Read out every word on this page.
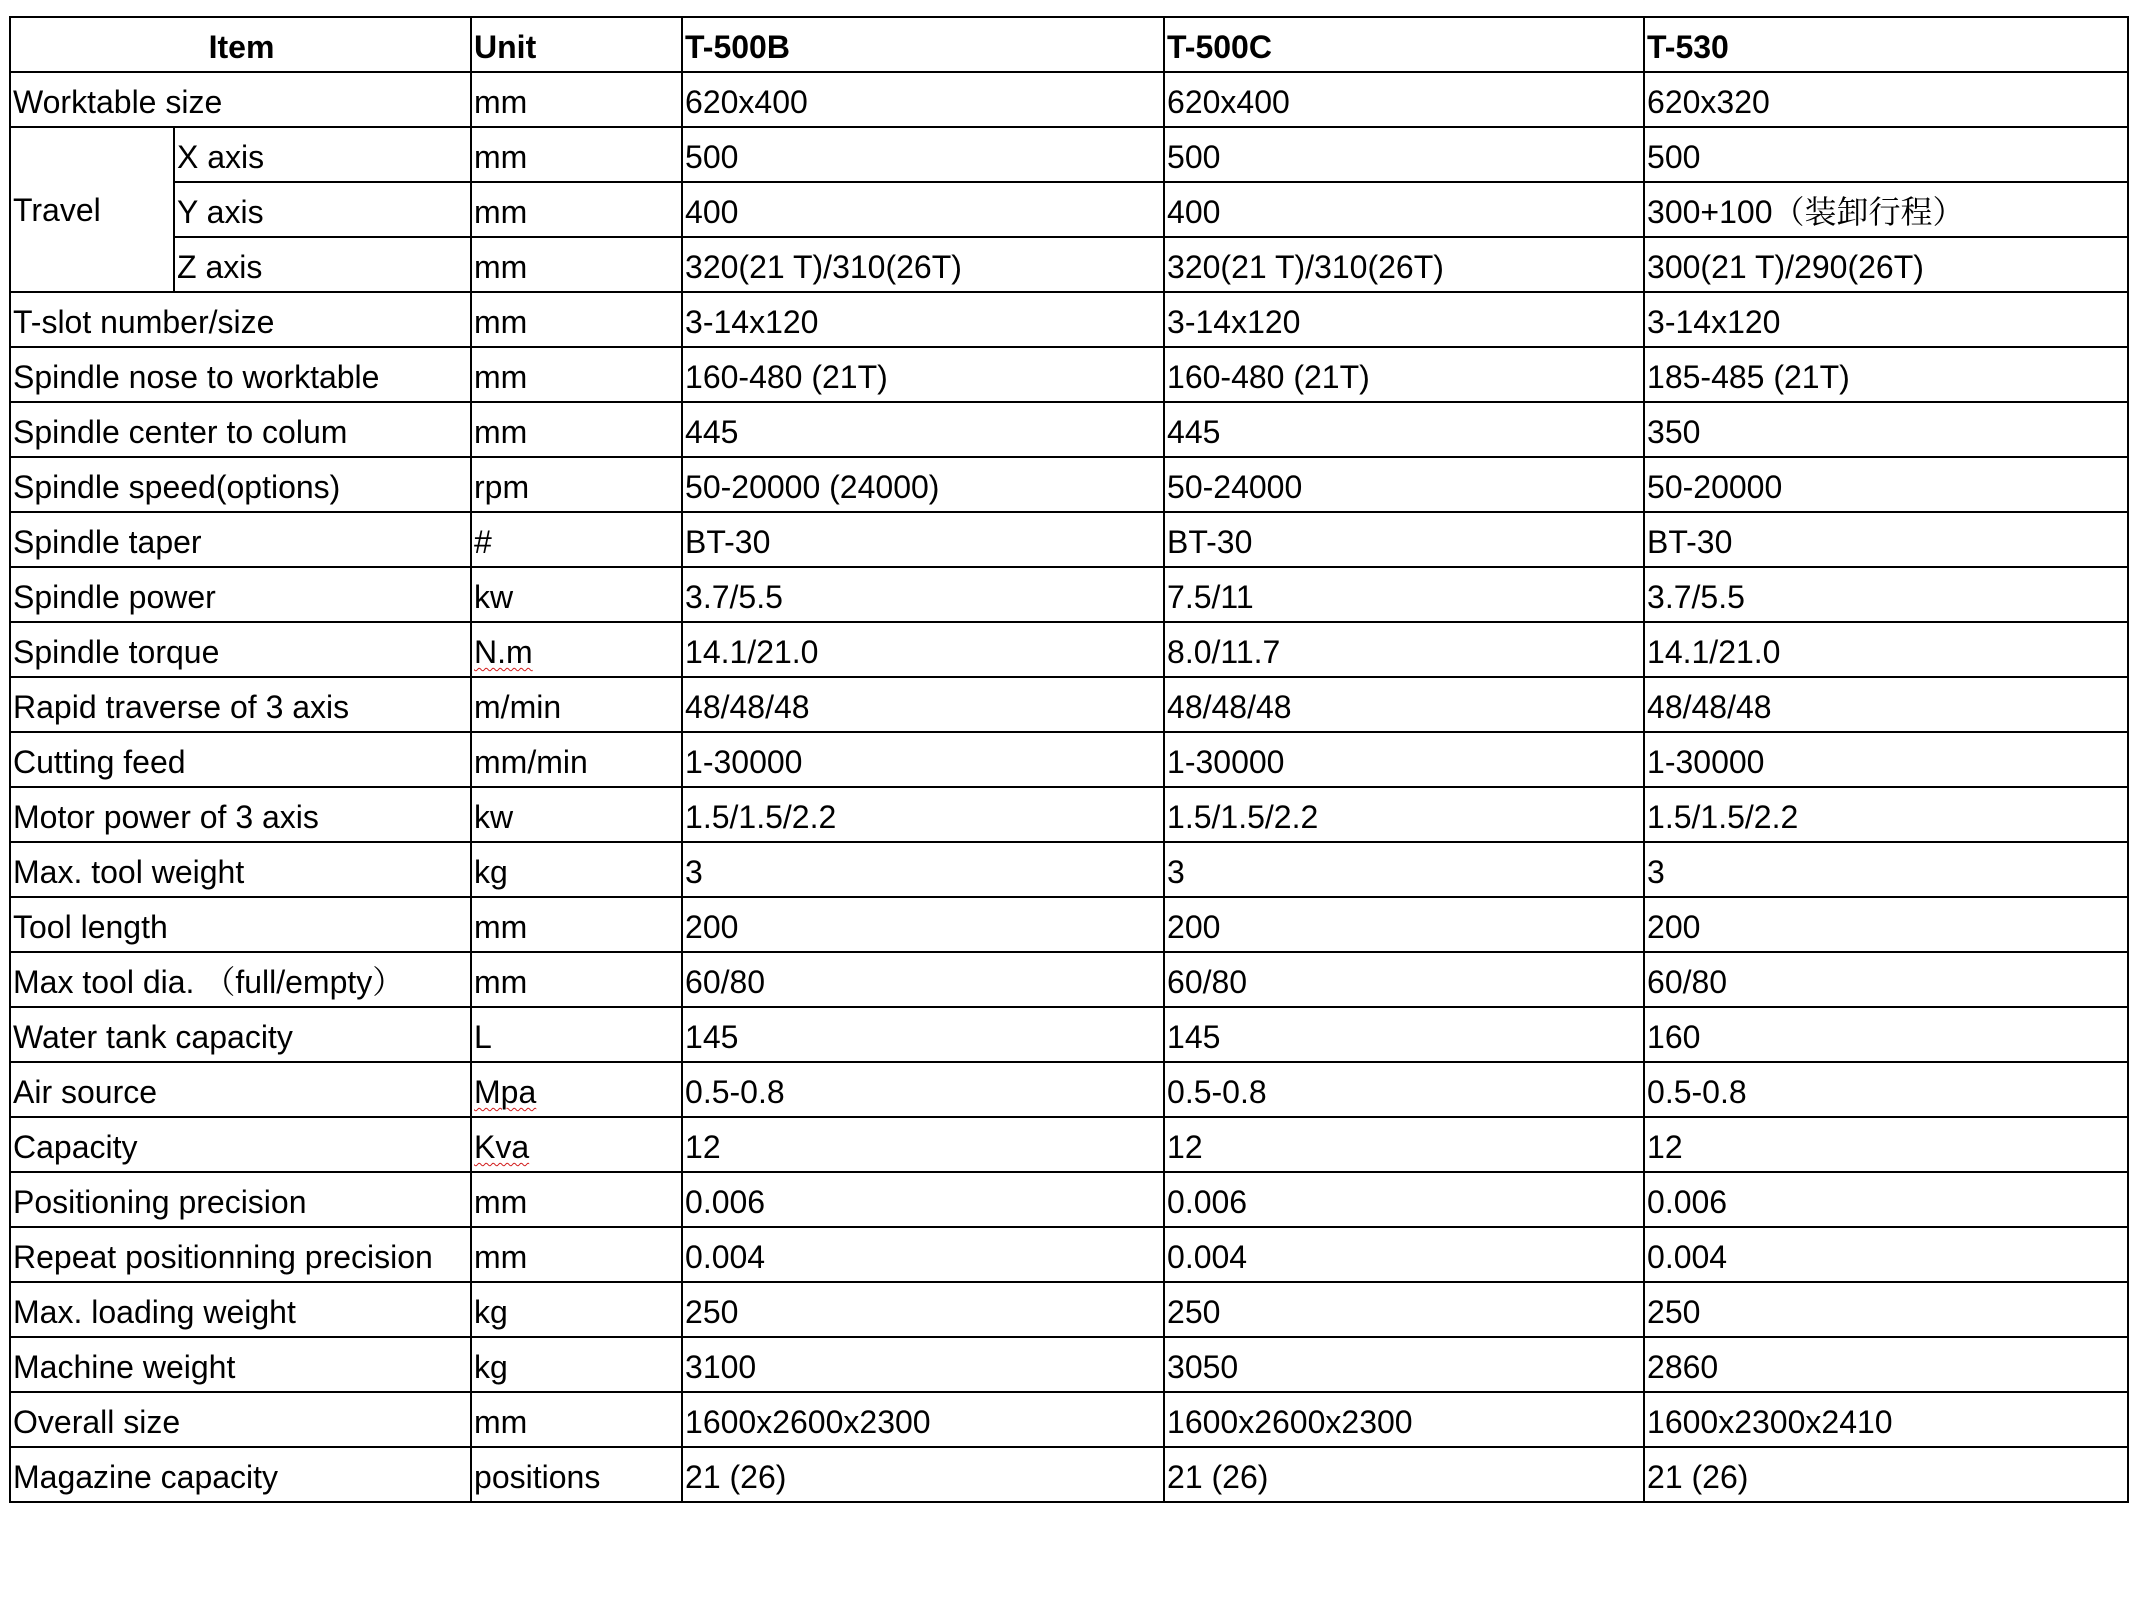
Item		Unit	T-500B	T-500C	T-530
Worktable size		mm	620x400	620x400	620x320
Travel	X axis	mm	500	500	500
	Y axis	mm	400	400	300+100（装卸行程）
	Z axis	mm	320(21 T)/310(26T)	320(21 T)/310(26T)	300(21 T)/290(26T)
T-slot number/size		mm	3-14x120	3-14x120	3-14x120
Spindle nose to worktable		mm	160-480 (21T)	160-480 (21T)	185-485 (21T)
Spindle center to colum		mm	445	445	350
Spindle speed(options)		rpm	50-20000 (24000)	50-24000	50-20000
Spindle taper		#	BT-30	BT-30	BT-30
Spindle power		kw	3.7/5.5	7.5/11	3.7/5.5
Spindle torque		N.m	14.1/21.0	8.0/11.7	14.1/21.0
Rapid traverse of 3 axis		m/min	48/48/48	48/48/48	48/48/48
Cutting feed		mm/min	1-30000	1-30000	1-30000
Motor power of 3 axis		kw	1.5/1.5/2.2	1.5/1.5/2.2	1.5/1.5/2.2
Max. tool weight		kg	3	3	3
Tool length		mm	200	200	200
Max tool dia. （full/empty）		mm	60/80	60/80	60/80
Water tank capacity		L	145	145	160
Air source		Mpa	0.5-0.8	0.5-0.8	0.5-0.8
Capacity		Kva	12	12	12
Positioning precision		mm	0.006	0.006	0.006
Repeat positionning precision		mm	0.004	0.004	0.004
Max. loading weight		kg	250	250	250
Machine weight		kg	3100	3050	2860
Overall size		mm	1600x2600x2300	1600x2600x2300	1600x2300x2410
Magazine capacity		positions	21 (26)	21 (26)	21 (26)
